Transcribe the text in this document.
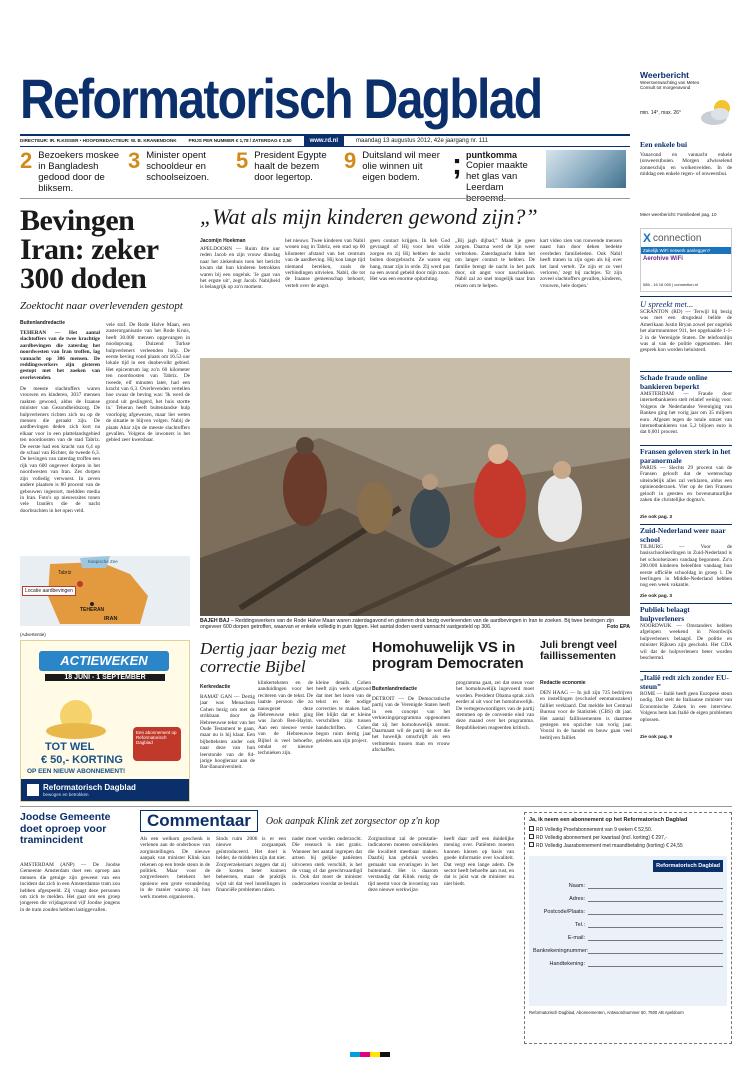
Reformatorisch Dagblad	Weerbericht
Weersverwachting van Meteo Consult tot morgenavond
min. 14°, max. 26°
Een enkele bui
Vanavond en vannacht enkele (onweers)buien. Morgen afwisselend zonneschijn en wolkenvelden. In de middag een enkele regen- of onweersbui.
Meer weerbericht: Familiedeel pag. 10
DIRECTEUR: IR. R.KISSER • HOOFDREDACTEUR: W. B. KRANENDONK	PRIJS PER NUMMER € 1,78 / ZATERDAG € 2,50	www.rd.nl	maandag 13 augustus 2012, 42e jaargang nr. 111
2 Bezoekers moskee in Bangladesh gedood door de bliksem.
3 Minister opent schooldeur en schoolseizoen.
5 President Egypte haalt de bezem door legertop.
9 Duitsland wil meer olie winnen uit eigen bodem.	; puntkomma
Copier maakte het glas van Leerdam
Bevingen Iran: zeker 300 doden
Zoektocht naar overlevenden gestopt
Buitenlandredactie
TEHERAN — Het aantal slachtoffers van de twee krachtige aardbevingen die zaterdag het noordwesten van Iran troffen, lag vannacht op 306 mensen. De reddingswerkers zijn gisteren gestopt met het zoeken van overlevenden.
De meeste slachtoffers waren vrouwen en kinderen, 3037 mensen raakten gewond, aldus de Iraanse minister van Gezondheidszorg. De hulpverleners richten zich nu op de mensen die geraakt zijn. De aardbevingen deden zich kort na elkaar voor in een plattelandsgebied ten noordoosten van de stad Tabriz. De eerste had een kracht van 6,4 op de schaal van Richter, de tweede 6,3. De bevingen van zaterdag troffen een rijk van 600 ongeveer dorpen in het noordwesten van Iran. Zes dorpen zijn volledig verwoest. In zeven andere plaatsen is 80 procent van de gebouwen ingestort, meldden media in Iran. Foto's op nieuwssites tonen vele Iraniërs die de nacht doorbrachten in het open veld.
vele stof. De Rode Halve Maan, een zusterorganisatie van het Rode Kruis, heeft 30.000 mensen opgevangen in noodopvang. Duizend Turkse hulpverleners verleenden hulp. De eerste beving vond plaats om 16.53 uur lokale tijd in een dunbevolkt gebied. Het epicentrum lag zo'n 60 kilometer ten noordoosten van Tabriz. De tweede, elf minuten later, had een kracht van 6,3. Overlevenden vertellen hoe zwaar de beving was: 'Ik werd de grond uit geslingerd, het huis stortte in.' Teheran heeft buitenlandse hulp voorlopig afgewezen, maar liet weten de situatie te blijven volgen. Nabij de plaats Ahar zijn de meeste slachtoffers gevallen. Volgens de inwoners is het gebied zeer kwetsbaar.
Tabriz
Locatie aardbevingen
Kaspische Zee
TEHERAN
IRAN
„Wat als mijn kinderen gewond zijn?”
Jacomijn Hoekman
APELDOORN — Ruim drie uur reden Jacob en zijn vrouw dinsdag naar het ziekenhuis toen het bericht kwam dat hun kinderen betrokken waren bij een ongeluk. 'Je gaat van het ergste uit', zegt Jacob. Nabijheid is belangrijk op zo'n moment.
het nieuws. Twee kinderen van Nabil wonen nog in Tabriz, een stad op 60 kilometer afstand van het centrum van de aardbeving. Hij kon lange tijd niemand bereiken, zoals de verbindingen uitvielen. Nabil, die tot de Iraanse gemeenschap behoort, vertelt over de angst.
geen contact krijgen. Ik heb God gevraagd of Hij voor hen wilde zorgen en zij Hij hebben de nacht buiten doorgebracht. Ze waren erg bang, maar zijn in orde. Zij werd pas na een avond gebeld door mijn zoon. Het was een enorme opluchting.
„Bij jagh dijbad,” Maak je geen zorgen. Daarna werd de lijn weer verbroken. Zaterdagnacht lukte het om langer contact te hebben. De familie brengt de nacht in het park door, uit angst voor naschokken. Nabil zal zo snel mogelijk naar Iran reizen om te helpen.
kart video zien van rouwende mensen naast hun door deken bedekte overleden familieleden. Ook Nabil heeft tranen in zijn ogen als hij over het land vertelt. 'Ze zijn er zo veel verloren,' zegt hij zachtjes. 'Er zijn zoveel slachtoffers gevallen, kinderen, vrouwen, hele dorpen.'
BAJEH BAJ – Reddingswerkers van de Rode Halve Maan waren zaterdagavond en gisteren druk bezig overlevenden van de aardbevingen in Iran te zoeken. Bij twee bevingen zijn ongeveer 600 dorpen getroffen, waarvan er enkele volledig in puin liggen. Het aantal doden werd vannacht vastgesteld op 306.	Foto EPA
X connection
Zakelijk WiFi netwerk aanleggen?
Aerohive WiFi
085 - 16 16 000 | connection.nl
U spreekt met...
SCRANTON (RD) — Terwijl hij bezig was met een drugsdeal bellde de Amerikaan Justin Bryan zowel per ongeluk het alarmnummer 911, het opgehaalde 1-1-2 in de Verenigde Staten. De telefoonlijn was al van de politie opgenomen. Het gesprek kon worden beluisterd.
Schade fraude online bankieren beperkt
AMSTERDAM — Fraude door internetbankieren stelt relatief weinig voor. Volgens de Nederlandse Vereniging van Banken ging het vorig jaar om 35 miljoen euro. Afgezet tegen de totale omzet van internetbankieren van 5,2 biljoen euro is dat 0,001 procent.
Fransen geloven sterk in het paranormale
PARIJS — Slechts 29 procent van de Fransen gelooft dat de wetenschap uiteindelijk alles zal verklaren, aldus een opinieonderzoek. Vier op de tien Fransen gelooft in geesten en bovennatuurlijke zaken die christelijke dogma's.
Zie ook pag. 3
Zuid-Nederland weer naar school
TILBURG — Voor de basisschoolleerlingen in Zuid-Nederland is het schoolseizoen vandaag begonnen. Zo'n 200.000 kinderen beleefden vandaag hun eerste officiële schooldag in groep 1. De leerlingen in Middle-Nederland hebben nog een week vakantie.
Zie ook pag. 3
Publiek belaagt hulpverleners
NOORDWIJK — Omstanders hebben afgelopen weekend in Noordwijk hulpverleners belaagd. De politie en minister Rijksen zijn geschokt. Het CDA wil dat de hulpverleners beter worden beschermd.
„Italië redt zich zonder EU-steun”
ROME — Italië heeft geen Europese steun nodig. Dat stelt de Italiaanse minister van Economische Zaken in een interview. Volgens hem kan Italië de eigen problemen oplossen.
Zie ook pag. 9
(Advertentie)
ACTIEWEKEN
18 JUNI - 1 SEPTEMBER
TOT WEL
€ 50,- KORTING
OP EEN NIEUW ABONNEMENT!
Een abonnement op Reformatorisch Dagblad
Reformatorisch Dagblad
bewogen en betrokken
Dertig jaar bezig met correctie Bijbel
Kerkredactie
RAMAT GAN — Dertig jaar was Menachem Cohen bezig om met de strikbaan door de Hebreeuwse tekst van het Oude Testament te gaan, maar nu is hij klaar. Een bijbelteksten ander ook naar deze van hun leerstonde van de 84-jarige hoogleraar aan de Bar-Ilanuniversiteit.
klinkerteksten en de aanduidingen voor het reciteren van de tekst. De laatste persoon die zo nauwgezet deze Hebreeuwse tekst ging was Jacob Ben-Hayim. Aan een nieuwe versie van de Hebreeuwse Bijbel is veel behoefte, omdat er nieuwe technieken zijn.
kleine details. Cohen heeft zijn werk afgerond dat met het lezen van de tekst en de nodige correcties te maken had. Het blijkt dat er kleine verschillen zijn tussen handschriften. Cohen begon ruim dertig jaar geleden aan zijn project.
Homohuwelijk VS in program Democraten
Buitenlandredactie
DETROIT — De Democratische partij van de Verenigde Staten heeft in een concept van het verkiezingsprogramma opgenomen dat zij het homohuwelijk steunt. Daarmaast wil de partij de wet die het huwelijk omschrijft als een verbintenis tussen man en vrouw afschaffen.
programma gaat, zei dat steun voor het homohuwelijk ingevoerd moet worden. President Obama sprak zich eerder al uit voor het homohuwelijk. De vertegenwoordigers van de partij stemmen op de conventie eind van deze maand over het programma. Republikeinen reageerden kritisch.
Juli brengt veel faillissementen
Redactie economie
DEN HAAG — In juli zijn 725 bedrijven en instellingen (exclusief eenmanszaken) failliet verklaard. Dat meldde het Centraal Bureau voor de Statistiek (CBS) dit jaar. Het aantal faillissementen is daarmee gestegen ten opzichte van vorig jaar. Vooral in de handel en bouw gaan veel bedrijven failliet.
Joodse Gemeente doet oproep voor tramincident
AMSTERDAM (ANP) — De Joodse Gemeente Amsterdam doet een oproep aan mensen die getuige zijn geweest van een incident dat zich in een Amsterdamse tram zou hebben afgespeeld. Zij vraagt deze personen om zich te melden. Het gaat om een groep jongeren die vrijdagavond vijf Joodse jongens in de tram zouden hebben lastiggevallen.
Commentaar	Ook aanpak Klink zet zorgsector op z'n kop
Als een welkom geschenk is verlenen aan de onderbouw van zorginstellingen. De nieuwe aanpak van minister Klink kan rekenen op een brede steun in de politiek. Maar voor de zorgverleners betekent het opnieuw een grote verandering in de manier waarop zij hun werk moeten organiseren.
Sinds ruim 2006 is er een nieuwe zorgaanpak geïntroduceerd. Het doel is helder, de middelen zijn dat niet. Zorgverzekeraars zeggen dat zij de kosten beter kunnen beheersen, maar de praktijk wijst uit dat veel instellingen in financiële problemen raken.
nader moet worden onderzocht. Die research is niet gratis. Wanneer het aantal ingrepen dat artsen bij gelijke patiënten uitvoeren sterk verschilt, is het de vraag of dat gerechtvaardigd is. Ook dat moet de minister onderzoeken voordat ze besluit.
Zorginstituut zal de prestatie-indicatoren moeten ontwikkelen die kwaliteit meetbaar maken. Daarbij kan gebruik worden gemaakt van ervaringen in het buitenland. Het is daarom verstandig dat Klink rustig de tijd neemt voor de invoering van deze nieuwe werkwijze.
heeft daar zelf een duidelijke mening over. Patiënten moeten kunnen kiezen op basis van goede informatie over kwaliteit. Dat vergt een lange adem. De sector heeft behoefte aan rust, en dat is juist wat de minister nu niet biedt.
Ja, ik neem een abonnement op het Reformatorisch Dagblad
RD Volledig Proefabonnement van 9 weken € 52,50.
RD Volledig abonnement per kwartaal (incl. korting) € 297,-
RD Volledig Jaarabonnement met maandbetaling (korting) € 24,55
Reformatorisch Dagblad
Naam:
Adres:
Postcode/Plaats:
Tel.:
E-mail:
Bankrekeningnummer:
Handtekening:
Reformatorisch Dagblad, Abonnementen, Antwoordnummer 50, 7500 AB Apeldoorn
